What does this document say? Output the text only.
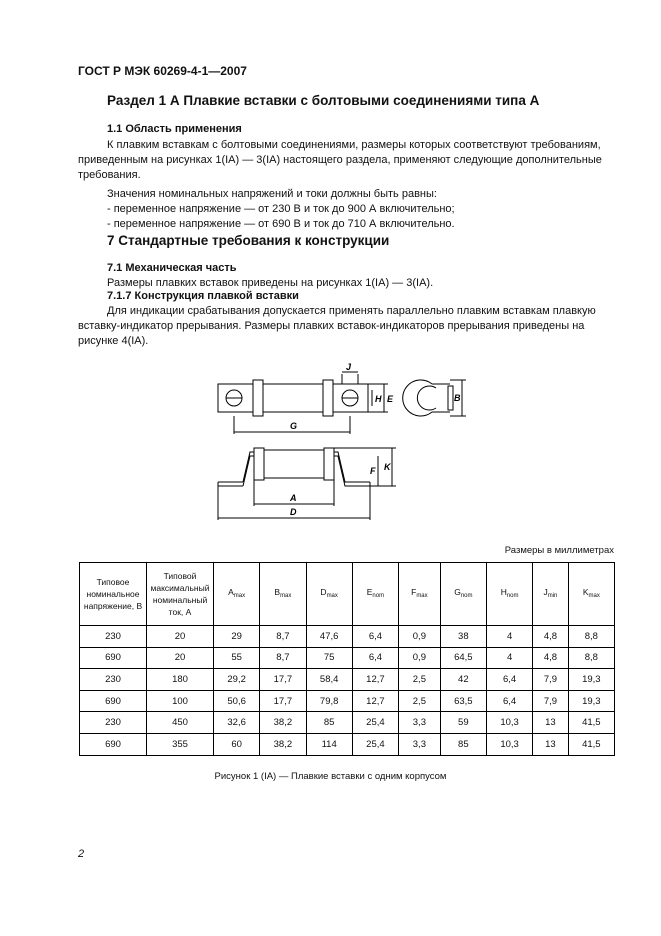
ГОСТ Р МЭК 60269-4-1—2007
Раздел 1 А Плавкие вставки с болтовыми соединениями типа А
1.1 Область применения

К плавким вставкам с болтовыми соединениями, размеры которых соответствуют требованиям, приведенным на рисунках 1(IA) — 3(IA) настоящего раздела, применяют следующие дополнительные требования.

Значения номинальных напряжений и токи должны быть равны:

- переменное напряжение — от 230 В и ток до 900 А включительно;

- переменное напряжение — от 690 В и ток до 710 А включительно.

7 Стандартные требования к конструкции
7.1 Механическая часть

Размеры плавких вставок приведены на рисунках 1(IA) — 3(IA).

7.1.7 Конструкция плавкой вставки

Для индикации срабатывания допускается применять параллельно плавким вставкам плавкую вставку-индикатор прерывания. Размеры плавких вставок-индикаторов прерывания приведены на рисунке 4(IA).

J
H E	B
G
F K
A
D
Размеры в миллиметрах
Типовое номинальное напряжение, В	Типовой максимальный номинальный ток, А	$A_{max}$	$B_{max}$	$D_{max}$	$E_{nom}$	$F_{max}$	$G_{nom}$	$H_{nom}$	$J_{min}$	$K_{max}$
230	20	29	8,7	47,6	6,4	0,9	38	4	4,8	8,8
690	20	55	8,7	75	6,4	0,9	64,5	4	4,8	8,8
230	180	29,2	17,7	58,4	12,7	2,5	42	6,4	7,9	19,3
690	100	50,6	17,7	79,8	12,7	2,5	63,5	6,4	7,9	19,3
230	450	32,6	38,2	85	25,4	3,3	59	10,3	13	41,5
690	355	60	38,2	114	25,4	3,3	85	10,3	13	41,5
Рисунок 1 (IA) — Плавкие вставки с одним корпусом
2
